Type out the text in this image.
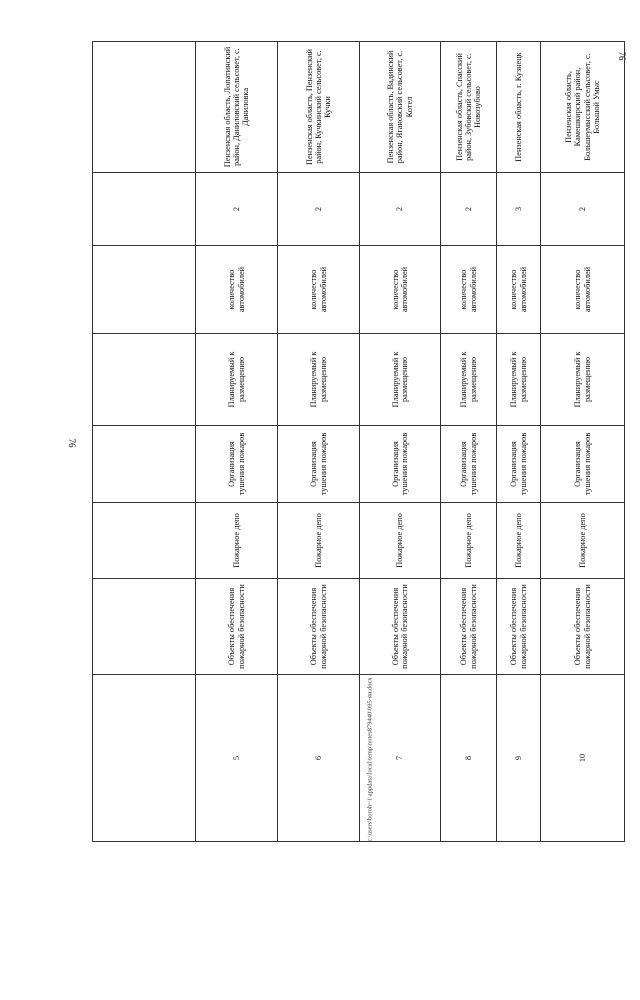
76
76
c:\users\boroh~1\appdata\local\temp\notes879440\095-ян.docx

5	Объекты обеспечения пожарной безопасности	Пожарное депо	Организация тушения пожаров	Планируемый к размещению	количество автомобилей	2	Пензенская область, Лопатинский район, Даниловский сельсовет, с. Даниловка
6	Объекты обеспечения пожарной безопасности	Пожарное депо	Организация тушения пожаров	Планируемый к размещению	количество автомобилей	2	Пензенская область, Пензенский район, Кучкинский сельсовет, с. Кучки
7	Объекты обеспечения пожарной безопасности	Пожарное депо	Организация тушения пожаров	Планируемый к размещению	количество автомобилей	2	Пензенская область, Вадинский район, Ягановский сельсовет, с. Котел
8	Объекты обеспечения пожарной безопасности	Пожарное депо	Организация тушения пожаров	Планируемый к размещению	количество автомобилей	2	Пензенская область, Спасский район, Зубовский сельсовет, с. Новозубово
9	Объекты обеспечения пожарной безопасности	Пожарное депо	Организация тушения пожаров	Планируемый к размещению	количество автомобилей	3	Пензенская область, г. Кузнецк
10	Объекты обеспечения пожарной безопасности	Пожарное депо	Организация тушения пожаров	Планируемый к размещению	количество автомобилей	2	Пензенская область, Камешкирский район, Большеумысский сельсовет, с. Большой Умыс
